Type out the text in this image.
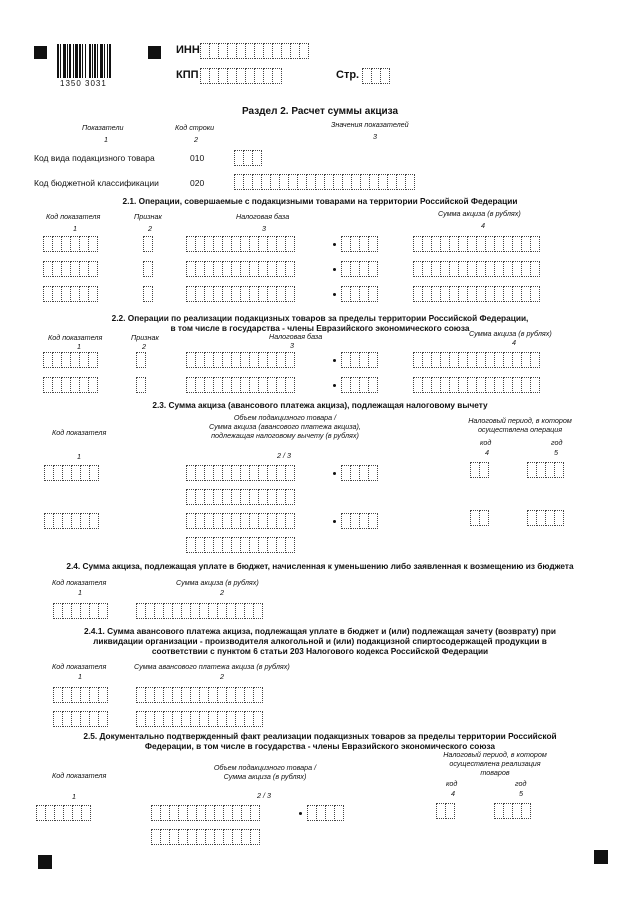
1350 3031
ИНН
КПП	Стр.
Раздел 2. Расчет суммы акциза
Показатели	Код строки	Значения показателей
1	2	3
Код вида подакцизного товара	010
Код бюджетной классификации	020
2.1. Операции, совершаемые с подакцизными товарами на территории Российской Федерации
Код показателя	Признак	Налоговая база	Сумма акциза (в рублях)
1	2	3	4
2.2. Операции по реализации подакцизных товаров за пределы территории Российской Федерации,
в том числе в государства - члены Евразийского экономического союза
Код показателя	Признак	Налоговая база	Сумма акциза (в рублях)
1	2	3	4
2.3. Сумма акциза (авансового платежа акциза), подлежащая налоговому вычету
Код показателя
Объем подакцизного товара /
Сумма акциза (авансового платежа акциза),
подлежащая налоговому вычету (в рублях)
Налоговый период, в котором
осуществлена операция
код	год
1	2 / 3	4	5
2.4. Сумма акциза, подлежащая уплате в бюджет, начисленная к уменьшению либо заявленная к возмещению из бюджета
Код показателя	Сумма акциза (в рублях)
1	2
2.4.1. Сумма авансового платежа акциза, подлежащая уплате в бюджет и (или) подлежащая зачету (возврату) при
ликвидации организации - производителя алкогольной и (или) подакцизной спиртосодержащей продукции в
соответствии с пунктом 6 статьи 203 Налогового кодекса Российской Федерации
Код показателя	Сумма авансового платежа акциза (в рублях)
1	2
2.5. Документально подтвержденный факт реализации подакцизных товаров за пределы территории Российской
Федерации, в том числе в государства - члены Евразийского экономического союза
Код показателя
Объем подакцизного товара /
Сумма акциза (в рублях)
Налоговый период, в котором
осуществлена реализация
товаров
код	год
1	2 / 3	4	5
